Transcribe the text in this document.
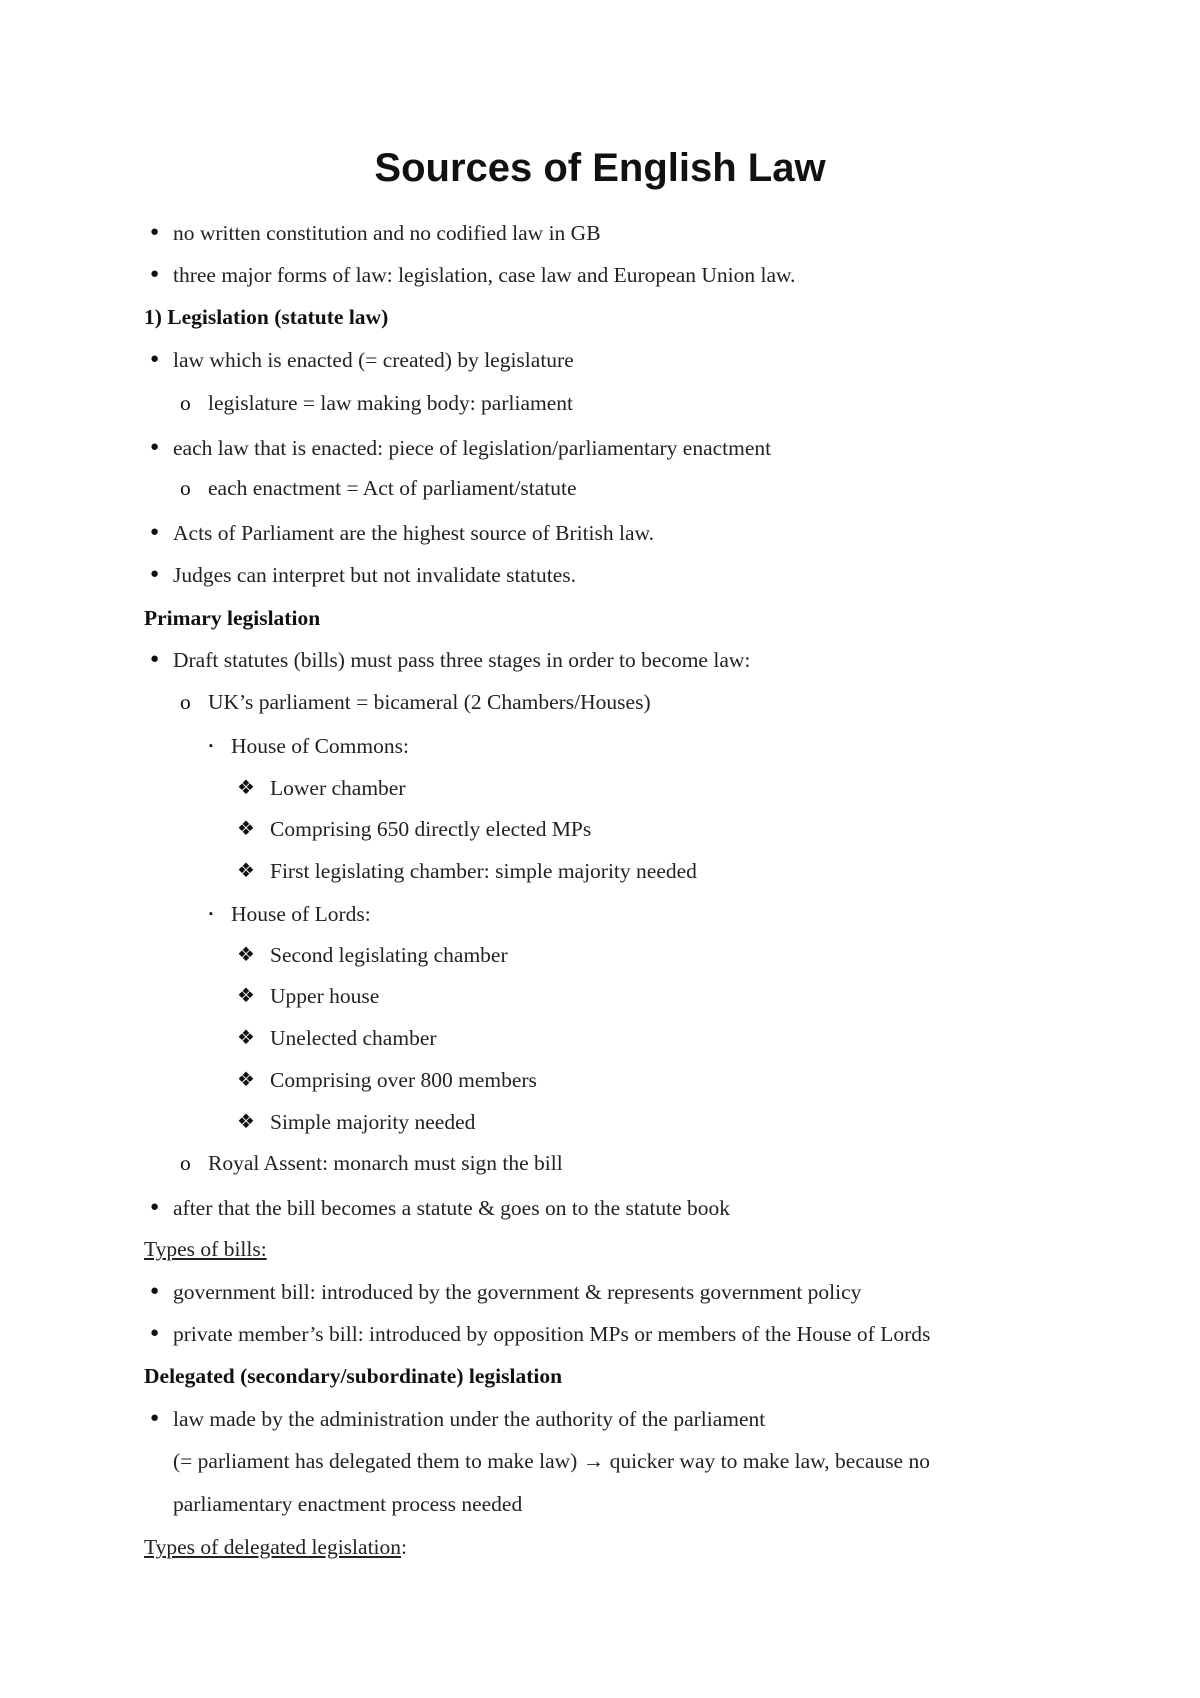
Sources of English Law
● no written constitution and no codified law in GB
● three major forms of law: legislation, case law and European Union law.
1) Legislation (statute law)
● law which is enacted (= created) by legislature
o legislature = law making body: parliament
● each law that is enacted: piece of legislation/parliamentary enactment
o each enactment = Act of parliament/statute
● Acts of Parliament are the highest source of British law.
● Judges can interpret but not invalidate statutes.
Primary legislation
● Draft statutes (bills) must pass three stages in order to become law:
o UK’s parliament = bicameral (2 Chambers/Houses)
▪ House of Commons:
❖ Lower chamber
❖ Comprising 650 directly elected MPs
❖ First legislating chamber: simple majority needed
▪ House of Lords:
❖ Second legislating chamber
❖ Upper house
❖ Unelected chamber
❖ Comprising over 800 members
❖ Simple majority needed
o Royal Assent: monarch must sign the bill
● after that the bill becomes a statute & goes on to the statute book
Types of bills:
● government bill: introduced by the government & represents government policy
● private member’s bill: introduced by opposition MPs or members of the House of Lords
Delegated (secondary/subordinate) legislation
● law made by the administration under the authority of the parliament
(= parliament has delegated them to make law) → quicker way to make law, because no
parliamentary enactment process needed
Types of delegated legislation:
